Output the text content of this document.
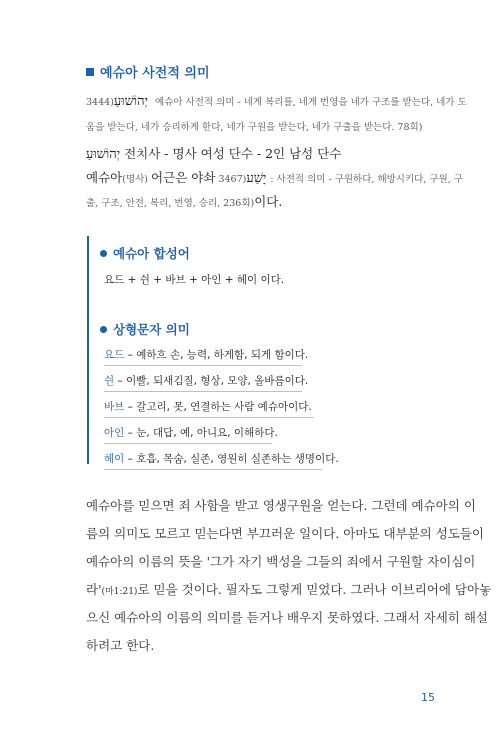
예슈아 사전적 의미
יְהוֹשׁוּעַ(3444 예슈아 사전적 의미 - 네게 복리를, 네게 번영을 네가 구조를 받는다, 네가 도
움을 받는다, 네가 승리하게 한다, 네가 구원을 받는다, 네가 구출을 받는다. 78회)
יְהוֹשׁוּעַ 전치사 - 명사 여성 단수 - 2인 남성 단수
예슈아(명사) 어근은 야솨 יָשַׁע(3467: 사전적 의미 - 구원하다, 해방시키다, 구원, 구
출, 구조, 안전, 복리, 번영, 승리, 236회)이다.
예슈아 합성어
요드 + 쉰 + 바브 + 아인 + 헤이 이다.
상형문자 의미
요드 – 예하흐 손, 능력, 하게함, 되게 함이다.
쉰 – 이빨, 되새김질, 형상, 모양, 올바름이다.
바브 – 갈고리, 못, 연결하는 사람 예슈아이다.
아인 – 눈, 대답, 예, 아니요, 이해하다.
헤이 – 호흡, 목숨, 실존, 영원히 실존하는 생명이다.
예슈아를 믿으면 죄 사함을 받고 영생구원을 얻는다. 그런데 예슈아의 이
름의 의미도 모르고 믿는다면 부끄러운 일이다. 아마도 대부분의 성도들이
예슈아의 이름의 뜻을 '그가 자기 백성을 그들의 죄에서 구원할 자이심이
라'(마1:21)로 믿을 것이다. 필자도 그렇게 믿었다. 그러나 이브리어에 담아놓
으신 예슈아의 이름의 의미를 듣거나 배우지 못하였다. 그래서 자세히 해설
하려고 한다.
15
